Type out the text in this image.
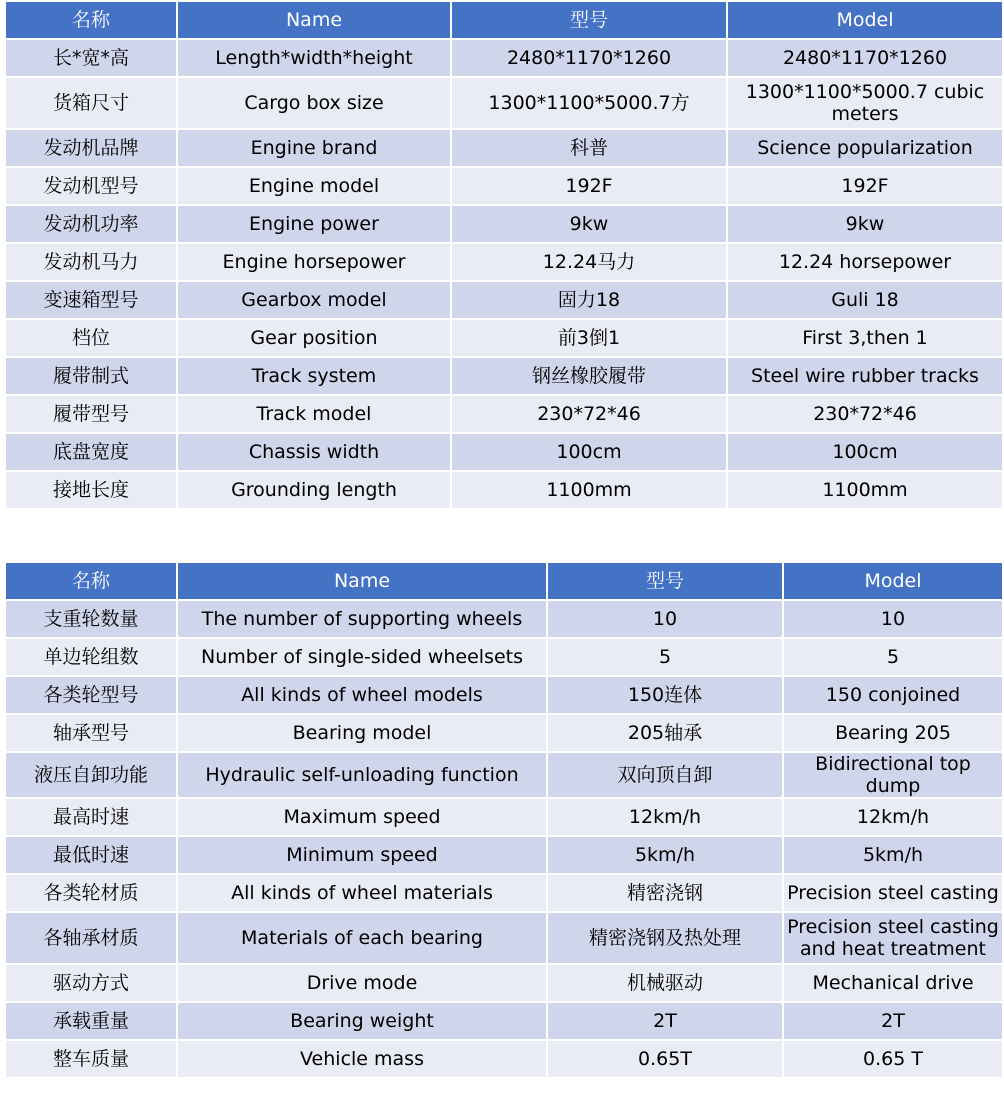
名称	Name	型号	Model
长*宽*高	Length*width*height	2480*1170*1260	2480*1170*1260
货箱尺寸	Cargo box size	1300*1100*5000.7方	1300*1100*5000.7 cubic meters
发动机品牌	Engine brand	科普	Science popularization
发动机型号	Engine model	192F	192F
发动机功率	Engine power	9kw	9kw
发动机马力	Engine horsepower	12.24马力	12.24 horsepower
变速箱型号	Gearbox model	固力18	Guli 18
档位	Gear position	前3倒1	First 3,then 1
履带制式	Track system	钢丝橡胶履带	Steel wire rubber tracks
履带型号	Track model	230*72*46	230*72*46
底盘宽度	Chassis width	100cm	100cm
接地长度	Grounding length	1100mm	1100mm
名称	Name	型号	Model
支重轮数量	The number of supporting wheels	10	10
单边轮组数	Number of single-sided wheelsets	5	5
各类轮型号	All kinds of wheel models	150连体	150 conjoined
轴承型号	Bearing model	205轴承	Bearing 205
液压自卸功能	Hydraulic self-unloading function	双向顶自卸	Bidirectional top dump
最高时速	Maximum speed	12km/h	12km/h
最低时速	Minimum speed	5km/h	5km/h
各类轮材质	All kinds of wheel materials	精密浇钢	Precision steel casting
各轴承材质	Materials of each bearing	精密浇钢及热处理	Precision steel casting and heat treatment
驱动方式	Drive mode	机械驱动	Mechanical drive
承载重量	Bearing weight	2T	2T
整车质量	Vehicle mass	0.65T	0.65 T
